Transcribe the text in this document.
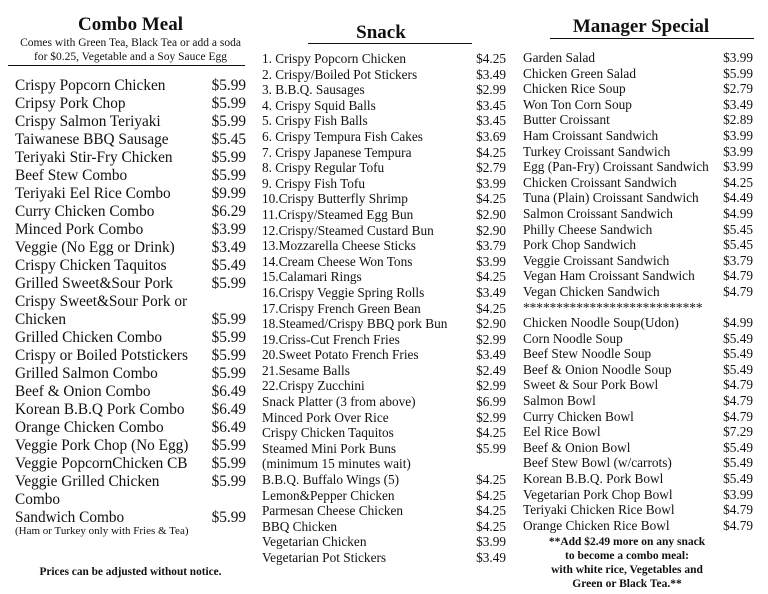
Combo Meal
Comes with Green Tea, Black Tea or add a soda
for $0.25, Vegetable and a Soy Sauce Egg
Crispy Popcorn Chicken	$5.99
Cripsy Pork Chop	$5.99
Crispy Salmon Teriyaki	$5.99
Taiwanese BBQ Sausage	$5.45
Teriyaki Stir-Fry Chicken	$5.99
Beef Stew Combo	$5.99
Teriyaki Eel Rice Combo	$9.99
Curry Chicken Combo	$6.29
Minced Pork Combo	$3.99
Veggie (No Egg or Drink) $3.49
Crispy Chicken Taquitos	$5.49
Grilled Sweet&Sour Pork	$5.99
Crispy Sweet&Sour Pork or
Chicken	$5.99
Grilled Chicken Combo	$5.99
Crispy or Boiled Potstickers $5.99
Grilled Salmon Combo	$5.99
Beef & Onion Combo	$6.49
Korean B.B.Q Pork Combo $6.49
Orange Chicken Combo	$6.49
Veggie Pork Chop (No Egg) $5.99
Veggie PopcornChicken CB $5.99
Veggie Grilled Chicken	$5.99
Combo
Sandwich Combo	$5.99
(Ham or Turkey only with Fries & Tea)
Prices can be adjusted without notice.
Snack
1. Crispy Popcorn Chicken	$4.25
2. Crispy/Boiled Pot Stickers	$3.49
3. B.B.Q. Sausages	$2.99
4. Crispy Squid Balls	$3.45
5. Crispy Fish Balls	$3.45
6. Crispy Tempura Fish Cakes	$3.69
7. Crispy Japanese Tempura	$4.25
8. Crispy Regular Tofu	$2.79
9. Crispy Fish Tofu	$3.99
10.Crispy Butterfly Shrimp	$4.25
11.Crispy/Steamed Egg Bun	$2.90
12.Crispy/Steamed Custard Bun	$2.90
13.Mozzarella Cheese Sticks	$3.79
14.Cream Cheese Won Tons	$3.99
15.Calamari Rings	$4.25
16.Crispy Veggie Spring Rolls	$3.49
17.Crispy French Green Bean	$4.25
18.Steamed/Crispy BBQ pork Bun $2.90
19.Criss-Cut French Fries	$2.99
20.Sweet Potato French Fries	$3.49
21.Sesame Balls	$2.49
22.Crispy Zucchini	$2.99
Snack Platter (3 from above)	$6.99
Minced Pork Over Rice	$2.99
Crispy Chicken Taquitos	$4.25
Steamed Mini Pork Buns	$5.99
(minimum 15 minutes wait)
B.B.Q. Buffalo Wings (5)	$4.25
Lemon&Pepper Chicken	$4.25
Parmesan Cheese Chicken	$4.25
BBQ Chicken	$4.25
Vegetarian Chicken	$3.99
Vegetarian Pot Stickers	$3.49
Manager Special
Garden Salad	$3.99
Chicken Green Salad	$5.99
Chicken Rice Soup	$2.79
Won Ton Corn Soup	$3.49
Butter Croissant	$2.89
Ham Croissant Sandwich	$3.99
Turkey Croissant Sandwich	$3.99
Egg (Pan-Fry) Croissant Sandwich $3.99
Chicken Croissant Sandwich	$4.25
Tuna (Plain) Croissant Sandwich $4.49
Salmon Croissant Sandwich	$4.99
Philly Cheese Sandwich	$5.45
Pork Chop Sandwich	$5.45
Veggie Croissant Sandwich	$3.79
Vegan Ham Croissant Sandwich $4.79
Vegan Chicken Sandwich	$4.79
***************************
Chicken Noodle Soup(Udon)	$4.99
Corn Noodle Soup	$5.49
Beef Stew Noodle Soup	$5.49
Beef & Onion Noodle Soup	$5.49
Sweet & Sour Pork Bowl	$4.79
Salmon Bowl	$4.79
Curry Chicken Bowl	$4.79
Eel Rice Bowl	$7.29
Beef & Onion Bowl	$5.49
Beef Stew Bowl (w/carrots)	$5.49
Korean B.B.Q. Pork Bowl	$5.49
Vegetarian Pork Chop Bowl	$3.99
Teriyaki Chicken Rice Bowl	$4.79
Orange Chicken Rice Bowl	$4.79
**Add $2.49 more on any snack
to become a combo meal:
with white rice, Vegetables and
Green or Black Tea.**
